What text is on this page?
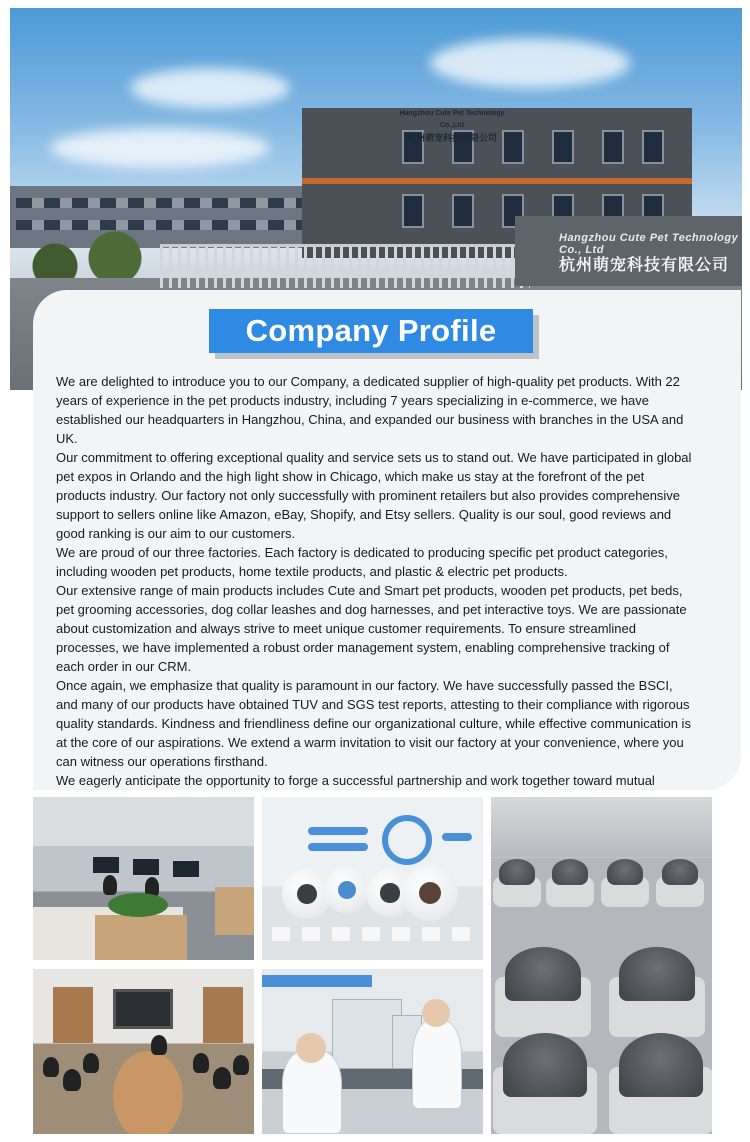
Hangzhou Cute Pet Technology Co.,Ltd
杭州萌宠科技有限公司
Hangzhou Cute Pet Technology Co., Ltd
杭州萌宠科技有限公司
Company Profile

We are delighted to introduce you to our Company, a dedicated supplier of high-quality pet products. With 22 years of experience in the pet products industry, including 7 years specializing in e-commerce, we have established our headquarters in Hangzhou, China, and expanded our business with branches in the USA and UK.

Our commitment to offering exceptional quality and service sets us to stand out. We have participated in global pet expos in Orlando and the high light show in Chicago, which make us stay at the forefront of the pet products industry. Our factory not only successfully with prominent retailers but also provides comprehensive support to sellers online like Amazon, eBay, Shopify, and Etsy sellers. Quality is our soul, good reviews and good ranking is our aim to our customers.

We are proud of our three factories. Each factory is dedicated to producing specific pet product categories, including wooden pet products, home textile products, and plastic & electric pet products.

Our extensive range of main products includes Cute and Smart pet products, wooden pet products, pet beds, pet grooming accessories, dog collar leashes and dog harnesses, and pet interactive toys. We are passionate about customization and always strive to meet unique customer requirements. To ensure streamlined processes, we have implemented a robust order management system, enabling comprehensive tracking of each order in our CRM.

Once again, we emphasize that quality is paramount in our factory. We have successfully passed the BSCI, and many of our products have obtained TUV and SGS test reports, attesting to their compliance with rigorous quality standards. Kindness and friendliness define our organizational culture, while effective communication is at the core of our aspirations. We extend a warm invitation to visit our factory at your convenience, where you can witness our operations firsthand.

We eagerly anticipate the opportunity to forge a successful partnership and work together toward mutual
